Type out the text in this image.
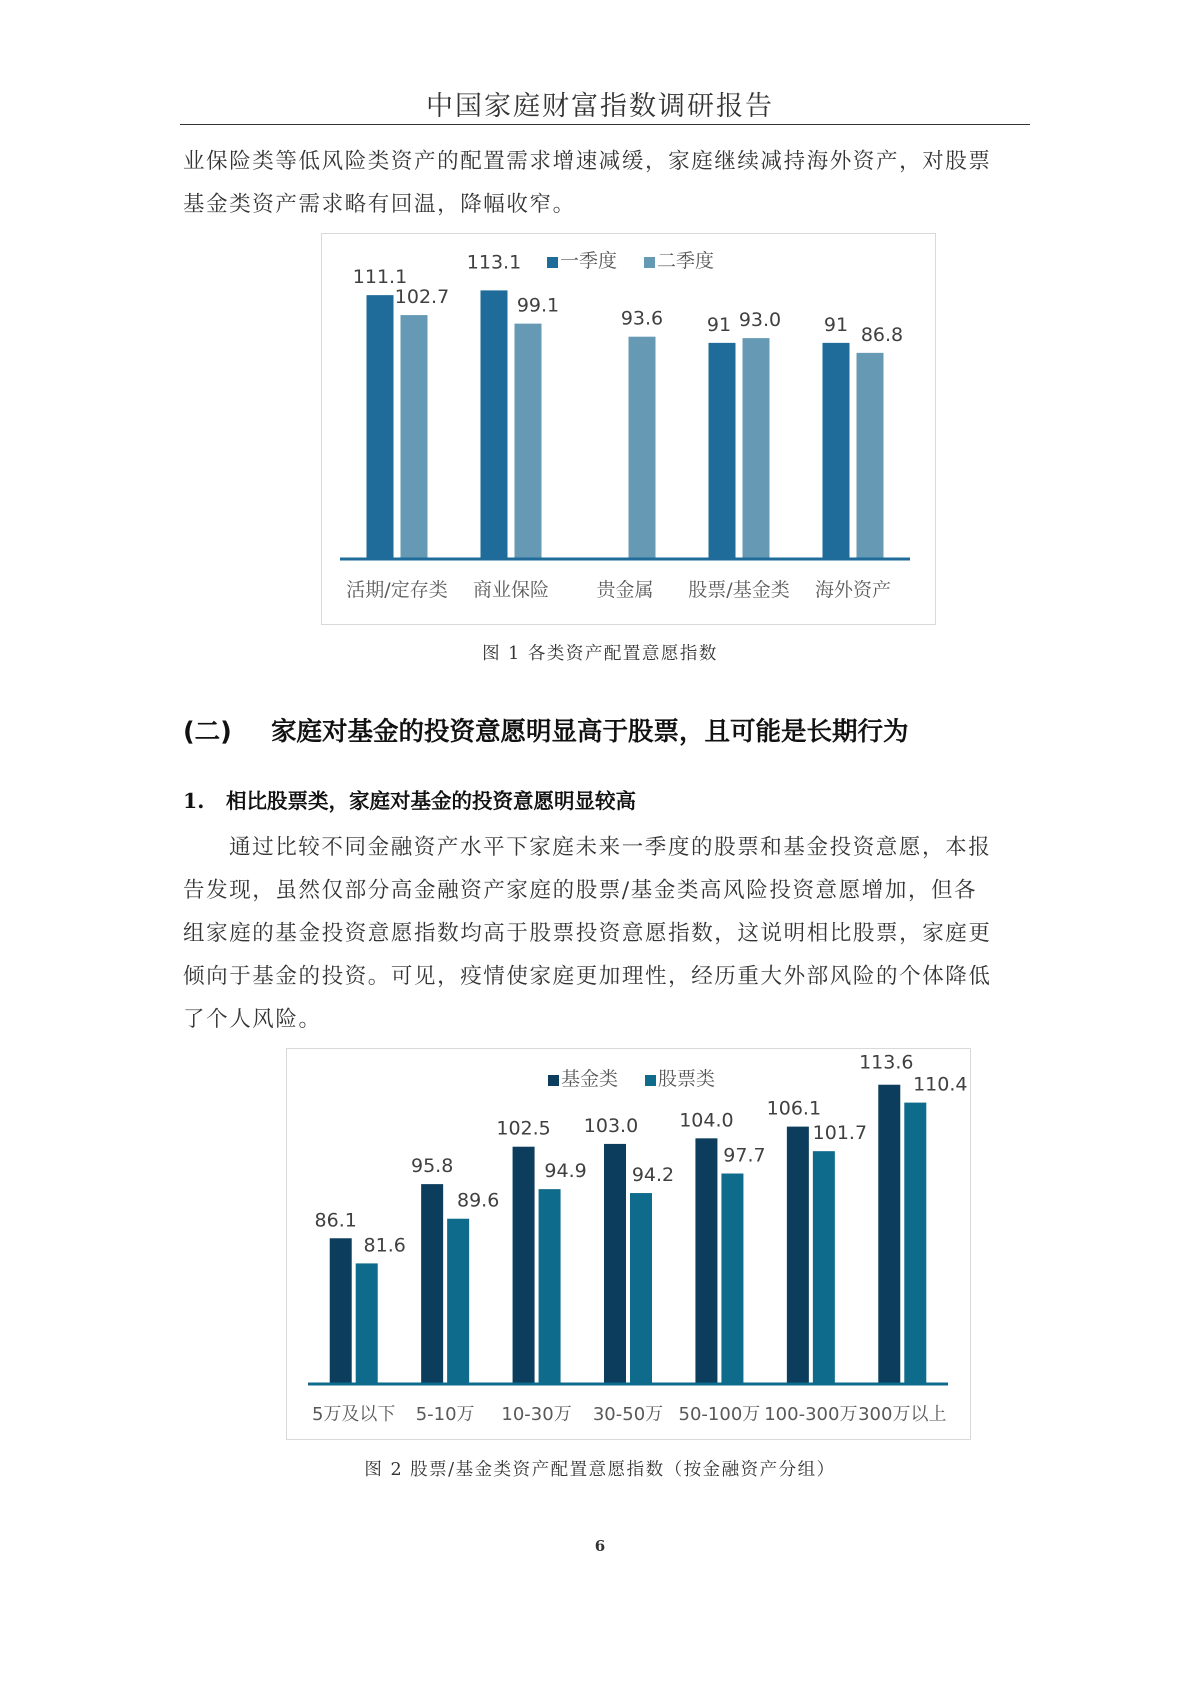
中国家庭财富指数调研报告
业保险类等低风险类资产的配置需求增速减缓，家庭继续减持海外资产，对股票
基金类资产需求略有回温，降幅收窄。
一季度 二季度
111.1
102.7
活期/定存类
113.1
99.1
商业保险
93.6
贵金属
91 93.0
股票/基金类
91 86.8
海外资产
图 1 各类资产配置意愿指数
(二) 家庭对基金的投资意愿明显高于股票，且可能是长期行为
1. 相比股票类，家庭对基金的投资意愿明显较高
通过比较不同金融资产水平下家庭未来一季度的股票和基金投资意愿，本报
告发现，虽然仅部分高金融资产家庭的股票/基金类高风险投资意愿增加，但各
组家庭的基金投资意愿指数均高于股票投资意愿指数，这说明相比股票，家庭更
倾向于基金的投资。可见，疫情使家庭更加理性，经历重大外部风险的个体降低
了个人风险。
基金类 股票类
86.1
81.6
5万及以下
95.8
89.6
5-10万
102.5
94.9
10-30万
103.0
94.2
30-50万
104.0
97.7
50-100万
106.1
101.7
100-300万
113.6
110.4
300万以上
图 2 股票/基金类资产配置意愿指数（按金融资产分组）
6
